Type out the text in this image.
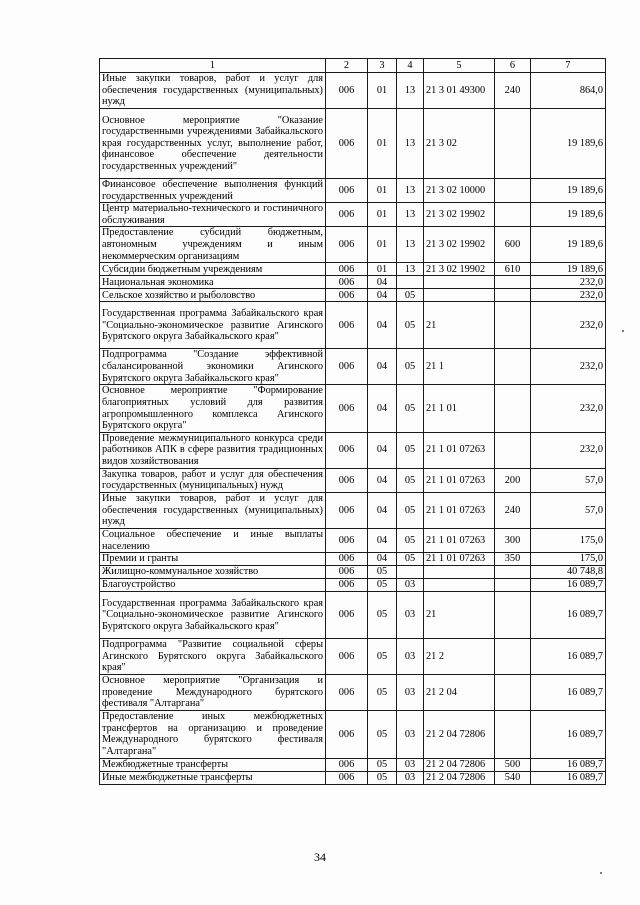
1	2	3	4	5	6	7
Иные закупки товаров, работ и услуг для обеспечения государственных (муниципальных) нужд	006	01	13	21 3 01 49300	240	864,0
Основное мероприятие "Оказание государственными учреждениями Забайкальского края государственных услуг, выполнение работ, финансовое обеспечение деятельности государственных учреждений"	006	01	13	21 3 02		19 189,6
Финансовое обеспечение выполнения функций государственных учреждений	006	01	13	21 3 02 10000		19 189,6
Центр материально-технического и гостиничного обслуживания	006	01	13	21 3 02 19902		19 189,6
Предоставление субсидий бюджетным, автономным учреждениям и иным некоммерческим организациям	006	01	13	21 3 02 19902	600	19 189,6
Субсидии бюджетным учреждениям	006	01	13	21 3 02 19902	610	19 189,6
Национальная экономика	006	04				232,0
Сельское хозяйство и рыболовство	006	04	05			232,0
Государственная программа Забайкальского края "Социально-экономическое развитие Агинского Бурятского округа Забайкальского края"	006	04	05	21		232,0
Подпрограмма "Создание эффективной сбалансированной экономики Агинского Бурятского округа Забайкальского края"	006	04	05	21 1		232,0
Основное мероприятие "Формирование благоприятных условий для развития агропромышленного комплекса Агинского Бурятского округа"	006	04	05	21 1 01		232,0
Проведение межмуниципального конкурса среди работников АПК в сфере развития традиционных видов хозяйствования	006	04	05	21 1 01 07263		232,0
Закупка товаров, работ и услуг для обеспечения государственных (муниципальных) нужд	006	04	05	21 1 01 07263	200	57,0
Иные закупки товаров, работ и услуг для обеспечения государственных (муниципальных) нужд	006	04	05	21 1 01 07263	240	57,0
Социальное обеспечение и иные выплаты населению	006	04	05	21 1 01 07263	300	175,0
Премии и гранты	006	04	05	21 1 01 07263	350	175,0
Жилищно-коммунальное хозяйство	006	05				40 748,8
Благоустройство	006	05	03			16 089,7
Государственная программа Забайкальского края "Социально-экономическое развитие Агинского Бурятского округа Забайкальского края"	006	05	03	21		16 089,7
Подпрограмма "Развитие социальной сферы Агинского Бурятского округа Забайкальского края"	006	05	03	21 2		16 089,7
Основное мероприятие "Организация и проведение Международного бурятского фестиваля "Алтаргана"	006	05	03	21 2 04		16 089,7
Предоставление иных межбюджетных трансфертов на организацию и проведение Международного бурятского фестиваля "Алтаргана"	006	05	03	21 2 04 72806		16 089,7
Межбюджетные трансферты	006	05	03	21 2 04 72806	500	16 089,7
Иные межбюджетные трансферты	006	05	03	21 2 04 72806	540	16 089,7
34
